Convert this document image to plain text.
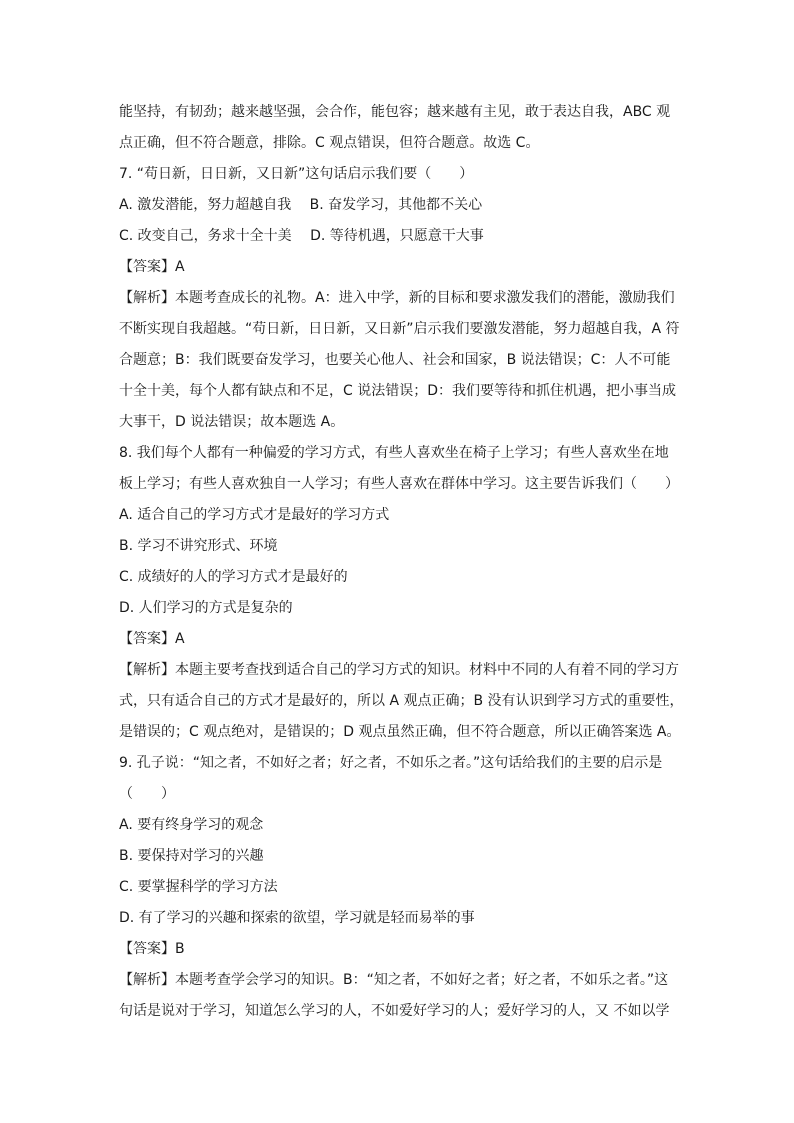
能坚持，有韧劲；越来越坚强，会合作，能包容；越来越有主见，敢于表达自我，ABC 观
点正确，但不符合题意，排除。C 观点错误，但符合题意。故选 C。
7. “苟日新，日日新，又日新”这句话启示我们要（　　）
A. 激发潜能，努力超越自我　 B. 奋发学习，其他都不关心
C. 改变自己，务求十全十美　 D. 等待机遇，只愿意干大事
【答案】A
【解析】本题考查成长的礼物。A：进入中学，新的目标和要求激发我们的潜能，激励我们
不断实现自我超越。“苟日新，日日新，又日新”启示我们要激发潜能，努力超越自我，A 符
合题意；B：我们既要奋发学习，也要关心他人、社会和国家，B 说法错误；C：人不可能
十全十美，每个人都有缺点和不足，C 说法错误；D：我们要等待和抓住机遇，把小事当成
大事干，D 说法错误；故本题选 A。
8. 我们每个人都有一种偏爱的学习方式，有些人喜欢坐在椅子上学习；有些人喜欢坐在地
板上学习；有些人喜欢独自一人学习；有些人喜欢在群体中学习。这主要告诉我们（　　）
A. 适合自己的学习方式才是最好的学习方式
B. 学习不讲究形式、环境
C. 成绩好的人的学习方式才是最好的
D. 人们学习的方式是复杂的
【答案】A
【解析】本题主要考查找到适合自己的学习方式的知识。材料中不同的人有着不同的学习方
式，只有适合自己的方式才是最好的，所以 A 观点正确；B 没有认识到学习方式的重要性，
是错误的；C 观点绝对，是错误的；D 观点虽然正确，但不符合题意，所以正确答案选 A。
9. 孔子说：“知之者，不如好之者；好之者，不如乐之者。”这句话给我们的主要的启示是
（　　）
A. 要有终身学习的观念
B. 要保持对学习的兴趣
C. 要掌握科学的学习方法
D. 有了学习的兴趣和探索的欲望，学习就是轻而易举的事
【答案】B
【解析】本题考查学会学习的知识。B：“知之者，不如好之者；好之者，不如乐之者。”这
句话是说对于学习，知道怎么学习的人，不如爱好学习的人；爱好学习的人，又 不如以学
